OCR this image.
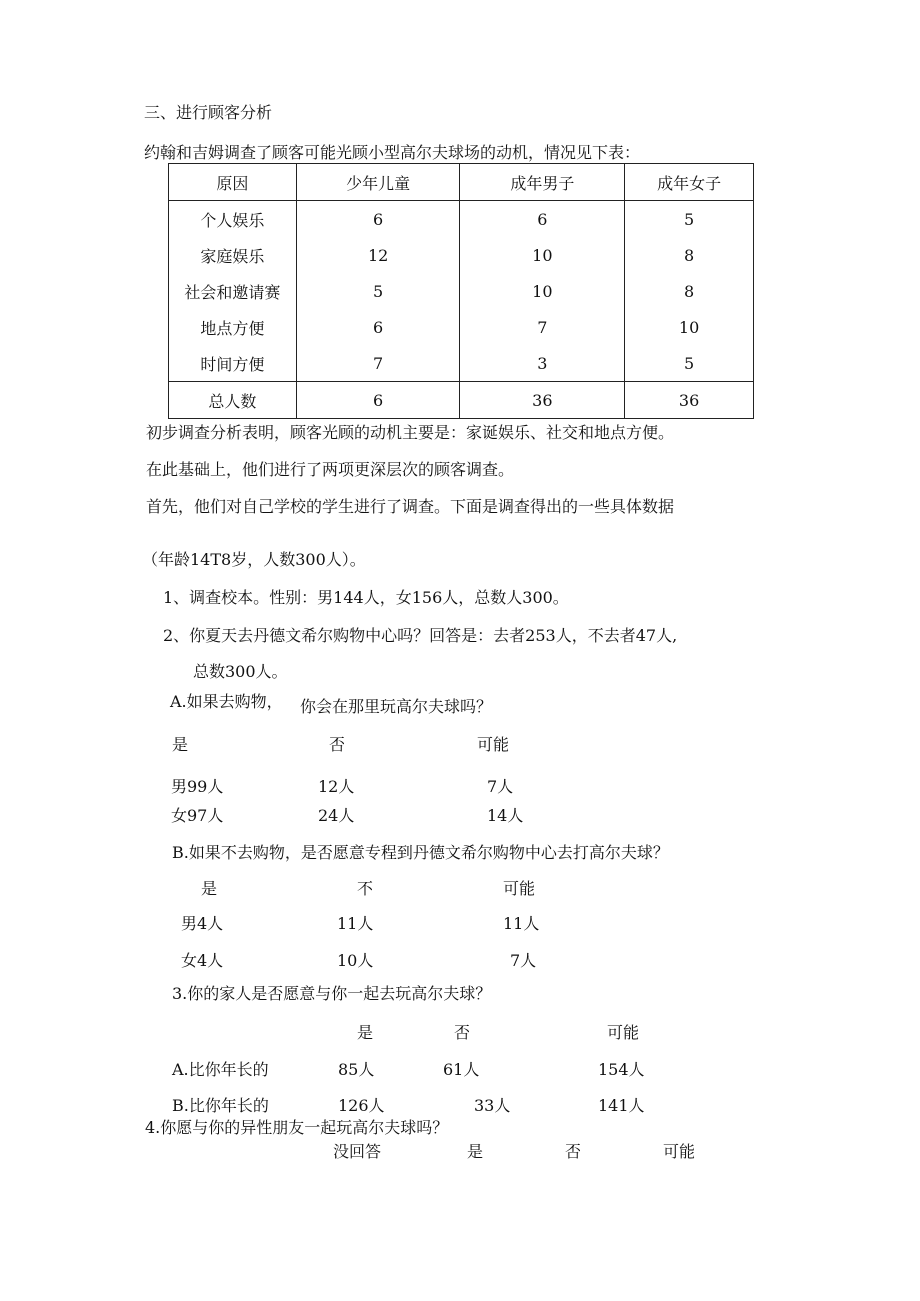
三、进行顾客分析
约翰和吉姆调查了顾客可能光顾小型高尔夫球场的动机，情况见下表：
原因	少年儿童	成年男子	成年女子
个人娱乐	6	6	5
家庭娱乐	12	10	8
社会和邀请赛	5	10	8
地点方便	6	7	10
时间方便	7	3	5
总人数	6	36	36
初步调查分析表明，顾客光顾的动机主要是：家诞娱乐、社交和地点方便。
在此基础上，他们进行了两项更深层次的顾客调查。
首先，他们对自己学校的学生进行了调查。下面是调查得出的一些具体数据
（年龄14T8岁，人数300人）。
1、调查校本。性别：男144人，女156人，总数人300。
2、你夏天去丹德文希尔购物中心吗？回答是：去者253人，不去者47人,
总数300人。
A.如果去购物， 你会在那里玩高尔夫球吗？
是	否	可能
男99人	12人	7人
女97人	24人	14人
B.如果不去购物，是否愿意专程到丹德文希尔购物中心去打高尔夫球？
是	不	可能
男4人	11人	11人
女4人	10人	7人
3.你的家人是否愿意与你一起去玩高尔夫球？
是	否	可能
A.比你年长的	85人	61人	154人
B.比你年长的	126人	33人	141人
4.你愿与你的异性朋友一起玩高尔夫球吗？
没回答	是	否	可能
